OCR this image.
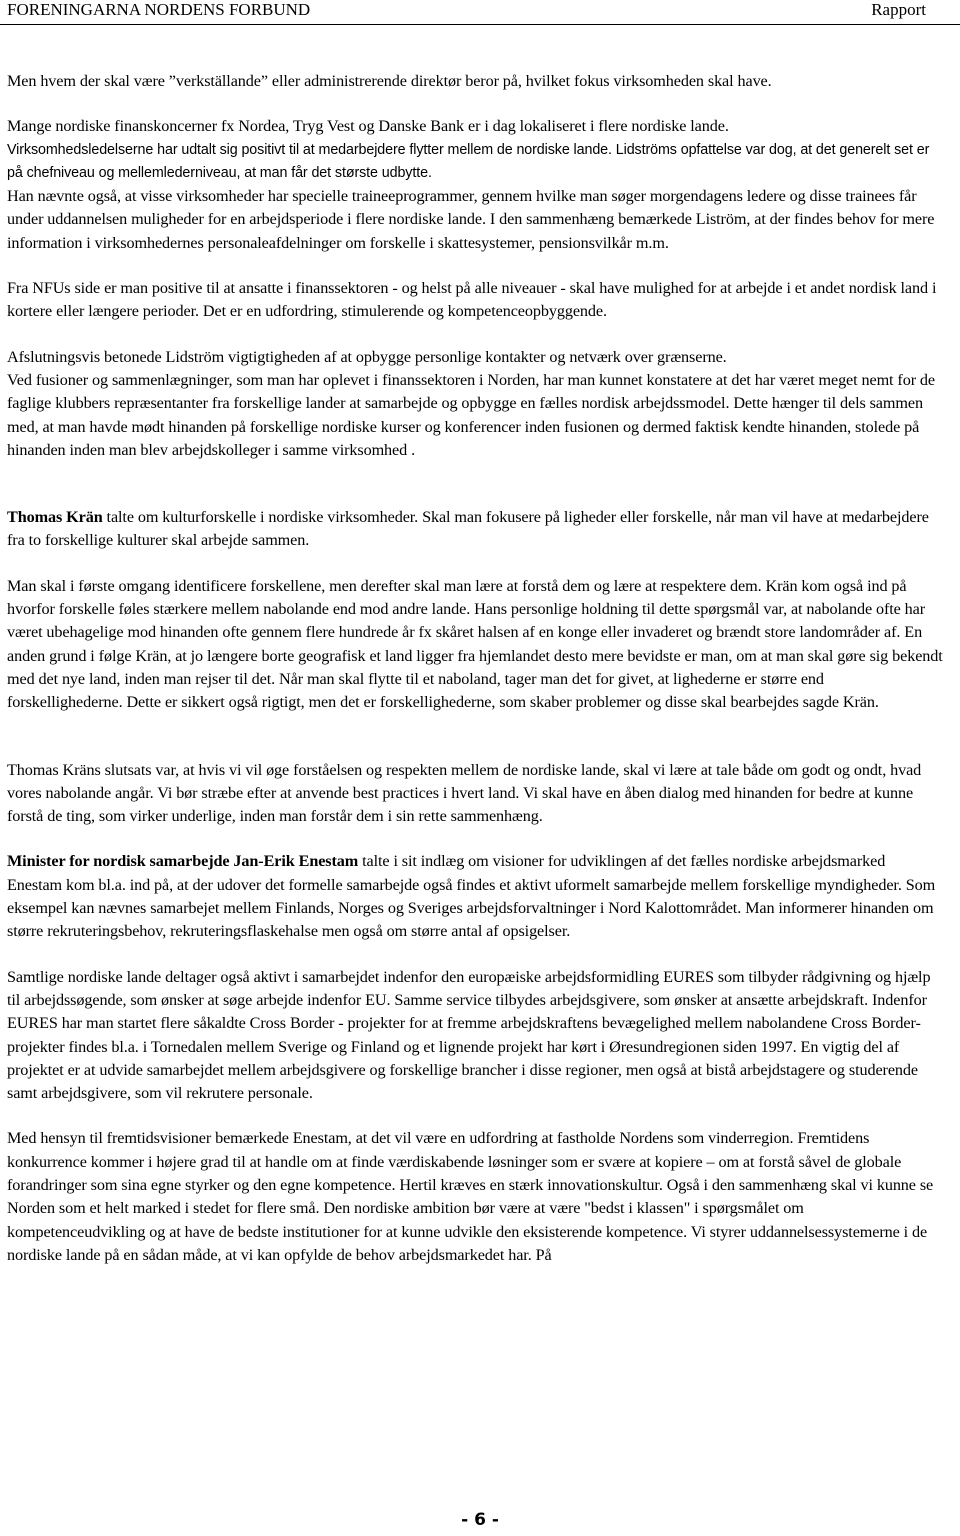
FORENINGARNA NORDENS FORBUND	Rapport

Men hvem der skal være ”verkställande” eller administrerende direktør beror på, hvilket fokus virksomheden skal have.

Mange nordiske finanskoncerner fx Nordea, Tryg Vest og Danske Bank er i dag lokaliseret i flere nordiske lande.

Virksomhedsledelserne har udtalt sig positivt til at medarbejdere flytter mellem de nordiske lande. Lidströms opfattelse var dog, at det generelt set er på chefniveau og mellemlederniveau, at man får det største udbytte.

Han nævnte også, at visse virksomheder har specielle traineeprogrammer, gennem hvilke man søger morgendagens ledere og disse trainees får under uddannelsen muligheder for en arbejdsperiode i flere nordiske lande. I den sammenhæng bemærkede Liström, at der findes behov for mere information i virksomhedernes personaleafdelninger om forskelle i skattesystemer, pensionsvilkår m.m.

Fra NFUs side er man positive til at ansatte i finanssektoren - og helst på alle niveauer - skal have mulighed for at arbejde i et andet nordisk land i kortere eller længere perioder. Det er en udfordring, stimulerende og kompetenceopbyggende.

Afslutningsvis betonede Lidström vigtigtigheden af at opbygge personlige kontakter og netværk over grænserne.

Ved fusioner og sammenlægninger, som man har oplevet i finanssektoren i Norden, har man kunnet konstatere at det har været meget nemt for de faglige klubbers repræsentanter fra forskellige lander at samarbejde og opbygge en fælles nordisk arbejdssmodel. Dette hænger til dels sammen med, at man havde mødt hinanden på forskellige nordiske kurser og konferencer inden fusionen og dermed faktisk kendte hinanden, stolede på hinanden inden man blev arbejdskolleger i samme virksomhed .

Thomas Krän talte om kulturforskelle i nordiske virksomheder. Skal man fokusere på ligheder eller forskelle, når man vil have at medarbejdere fra to forskellige kulturer skal arbejde sammen.

Man skal i første omgang identificere forskellene, men derefter skal man lære at forstå dem og lære at respektere dem. Krän kom også ind på hvorfor forskelle føles stærkere mellem nabolande end mod andre lande. Hans personlige holdning til dette spørgsmål var, at nabolande ofte har været ubehagelige mod hinanden ofte gennem flere hundrede år fx skåret halsen af en konge eller invaderet og brændt store landområder af. En anden grund i følge Krän, at jo længere borte geografisk et land ligger fra hjemlandet desto mere bevidste er man, om at man skal gøre sig bekendt med det nye land, inden man rejser til det. Når man skal flytte til et naboland, tager man det for givet, at lighederne er større end forskellighederne. Dette er sikkert også rigtigt, men det er forskellighederne, som skaber problemer og disse skal bearbejdes sagde Krän.

Thomas Kräns slutsats var, at hvis vi vil øge forståelsen og respekten mellem de nordiske lande, skal vi lære at tale både om godt og ondt, hvad vores nabolande angår. Vi bør stræbe efter at anvende best practices i hvert land. Vi skal have en åben dialog med hinanden for bedre at kunne forstå de ting, som virker underlige, inden man forstår dem i sin rette sammenhæng.

Minister for nordisk samarbejde Jan-Erik Enestam talte i sit indlæg om visioner for udviklingen af det fælles nordiske arbejdsmarked Enestam kom bl.a. ind på, at der udover det formelle samarbejde også findes et aktivt uformelt samarbejde mellem forskellige myndigheder. Som eksempel kan nævnes samarbejet mellem Finlands, Norges og Sveriges arbejdsforvaltninger i Nord Kalottområdet. Man informerer hinanden om større rekruteringsbehov, rekruteringsflaskehalse men også om større antal af opsigelser.

Samtlige nordiske lande deltager også aktivt i samarbejdet indenfor den europæiske arbejdsformidling EURES som tilbyder rådgivning og hjælp til arbejdssøgende, som ønsker at søge arbejde indenfor EU. Samme service tilbydes arbejdsgivere, som ønsker at ansætte arbejdskraft. Indenfor EURES har man startet flere såkaldte Cross Border - projekter for at fremme arbejdskraftens bevægelighed mellem nabolandene Cross Border- projekter findes bl.a. i Tornedalen mellem Sverige og Finland og et lignende projekt har kørt i Øresundregionen siden 1997. En vigtig del af projektet er at udvide samarbejdet mellem arbejdsgivere og forskellige brancher i disse regioner, men også at bistå arbejdstagere og studerende samt arbejdsgivere, som vil rekrutere personale.

Med hensyn til fremtidsvisioner bemærkede Enestam, at det vil være en udfordring at fastholde Nordens som vinderregion. Fremtidens konkurrence kommer i højere grad til at handle om at finde værdiskabende løsninger som er svære at kopiere – om at forstå såvel de globale forandringer som sina egne styrker og den egne kompetence. Hertil kræves en stærk innovationskultur. Også i den sammenhæng skal vi kunne se Norden som et helt marked i stedet for flere små. Den nordiske ambition bør være at være "bedst i klassen" i spørgsmålet om kompetenceudvikling og at have de bedste institutioner for at kunne udvikle den eksisterende kompetence. Vi styrer uddannelsessystemerne i de nordiske lande på en sådan måde, at vi kan opfylde de behov arbejdsmarkedet har. På

- 6 -
